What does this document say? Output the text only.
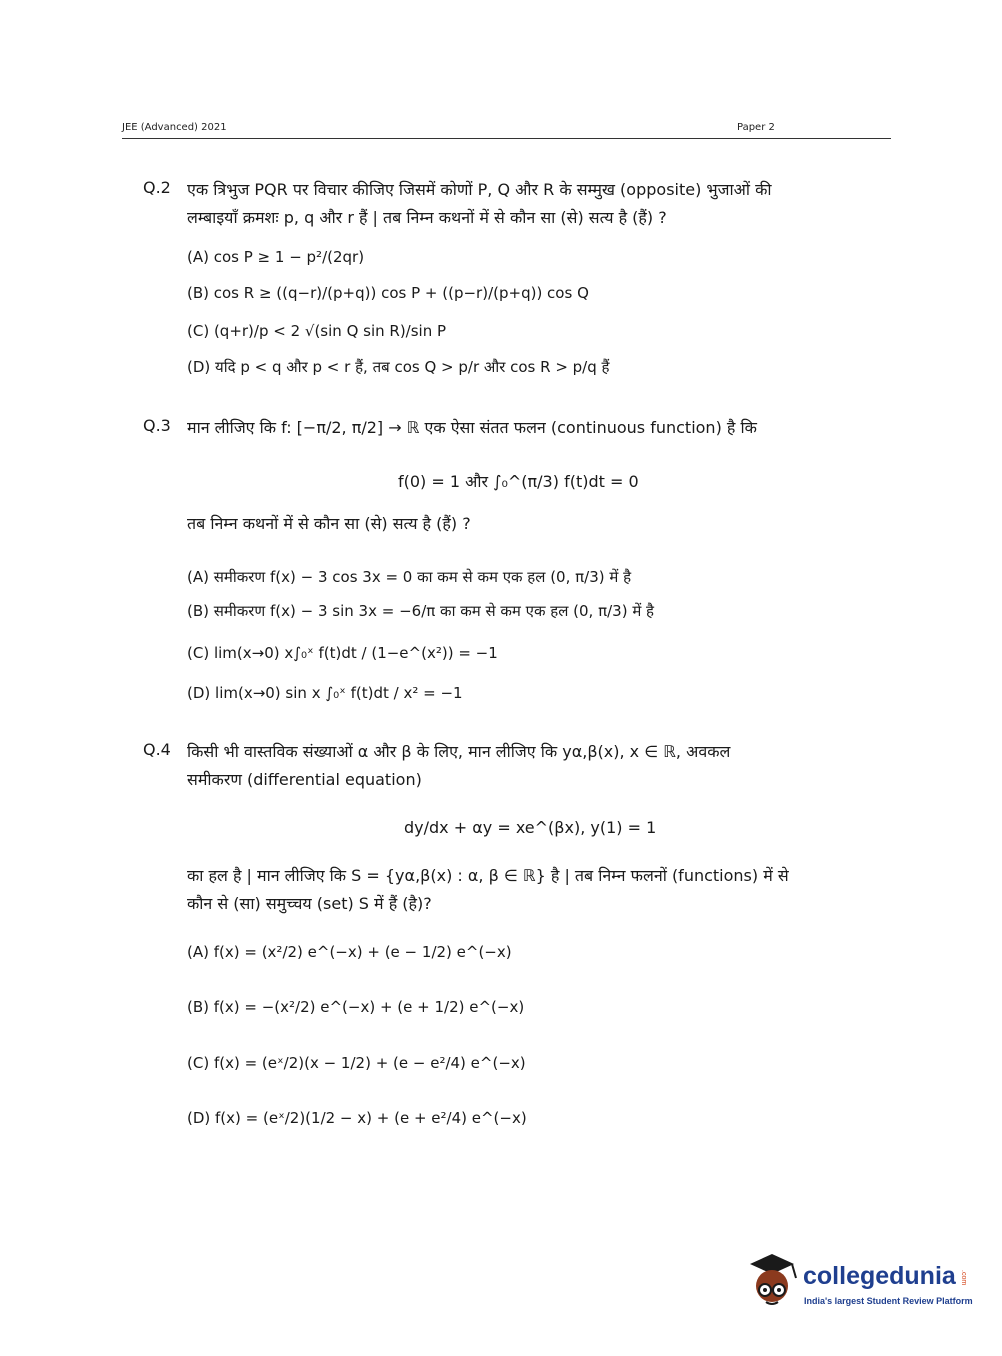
JEE (Advanced) 2021	Paper 2
Q.2 एक त्रिभुज PQR पर विचार कीजिए जिसमें कोणों P, Q और R के सम्मुख (opposite) भुजाओं की
लम्बाइयाँ क्रमशः p, q और r हैं | तब निम्न कथनों में से कौन सा (से) सत्य है (हैं) ?
(A) cos P ≥ 1 − p²/(2qr)
(B) cos R ≥ ((q−r)/(p+q)) cos P + ((p−r)/(p+q)) cos Q
(C) (q+r)/p < 2 √(sin Q sin R)/sin P
(D) यदि p < q और p < r हैं, तब cos Q > p/r और cos R > p/q हैं
Q.3 मान लीजिए कि f: [−π/2, π/2] → ℝ एक ऐसा संतत फलन (continuous function) है कि
f(0) = 1 और ∫₀^(π/3) f(t)dt = 0
तब निम्न कथनों में से कौन सा (से) सत्य है (हैं) ?
(A) समीकरण f(x) − 3 cos 3x = 0 का कम से कम एक हल (0, π/3) में है
(B) समीकरण f(x) − 3 sin 3x = −6/π का कम से कम एक हल (0, π/3) में है
(C) lim(x→0) x∫₀ˣ f(t)dt / (1−e^(x²)) = −1
(D) lim(x→0) sin x ∫₀ˣ f(t)dt / x² = −1
Q.4 किसी भी वास्तविक संख्याओं α और β के लिए, मान लीजिए कि yα,β(x), x ∈ ℝ, अवकल
समीकरण (differential equation)
dy/dx + αy = xe^(βx), y(1) = 1
का हल है | मान लीजिए कि S = {yα,β(x) : α, β ∈ ℝ} है | तब निम्न फलनों (functions) में से
कौन से (सा) समुच्चय (set) S में हैं (है)?
(A) f(x) = (x²/2) e^(−x) + (e − 1/2) e^(−x)
(B) f(x) = −(x²/2) e^(−x) + (e + 1/2) e^(−x)
(C) f(x) = (eˣ/2)(x − 1/2) + (e − e²/4) e^(−x)
(D) f(x) = (eˣ/2)(1/2 − x) + (e + e²/4) e^(−x)
collegedunia .com
India's largest Student Review Platform
